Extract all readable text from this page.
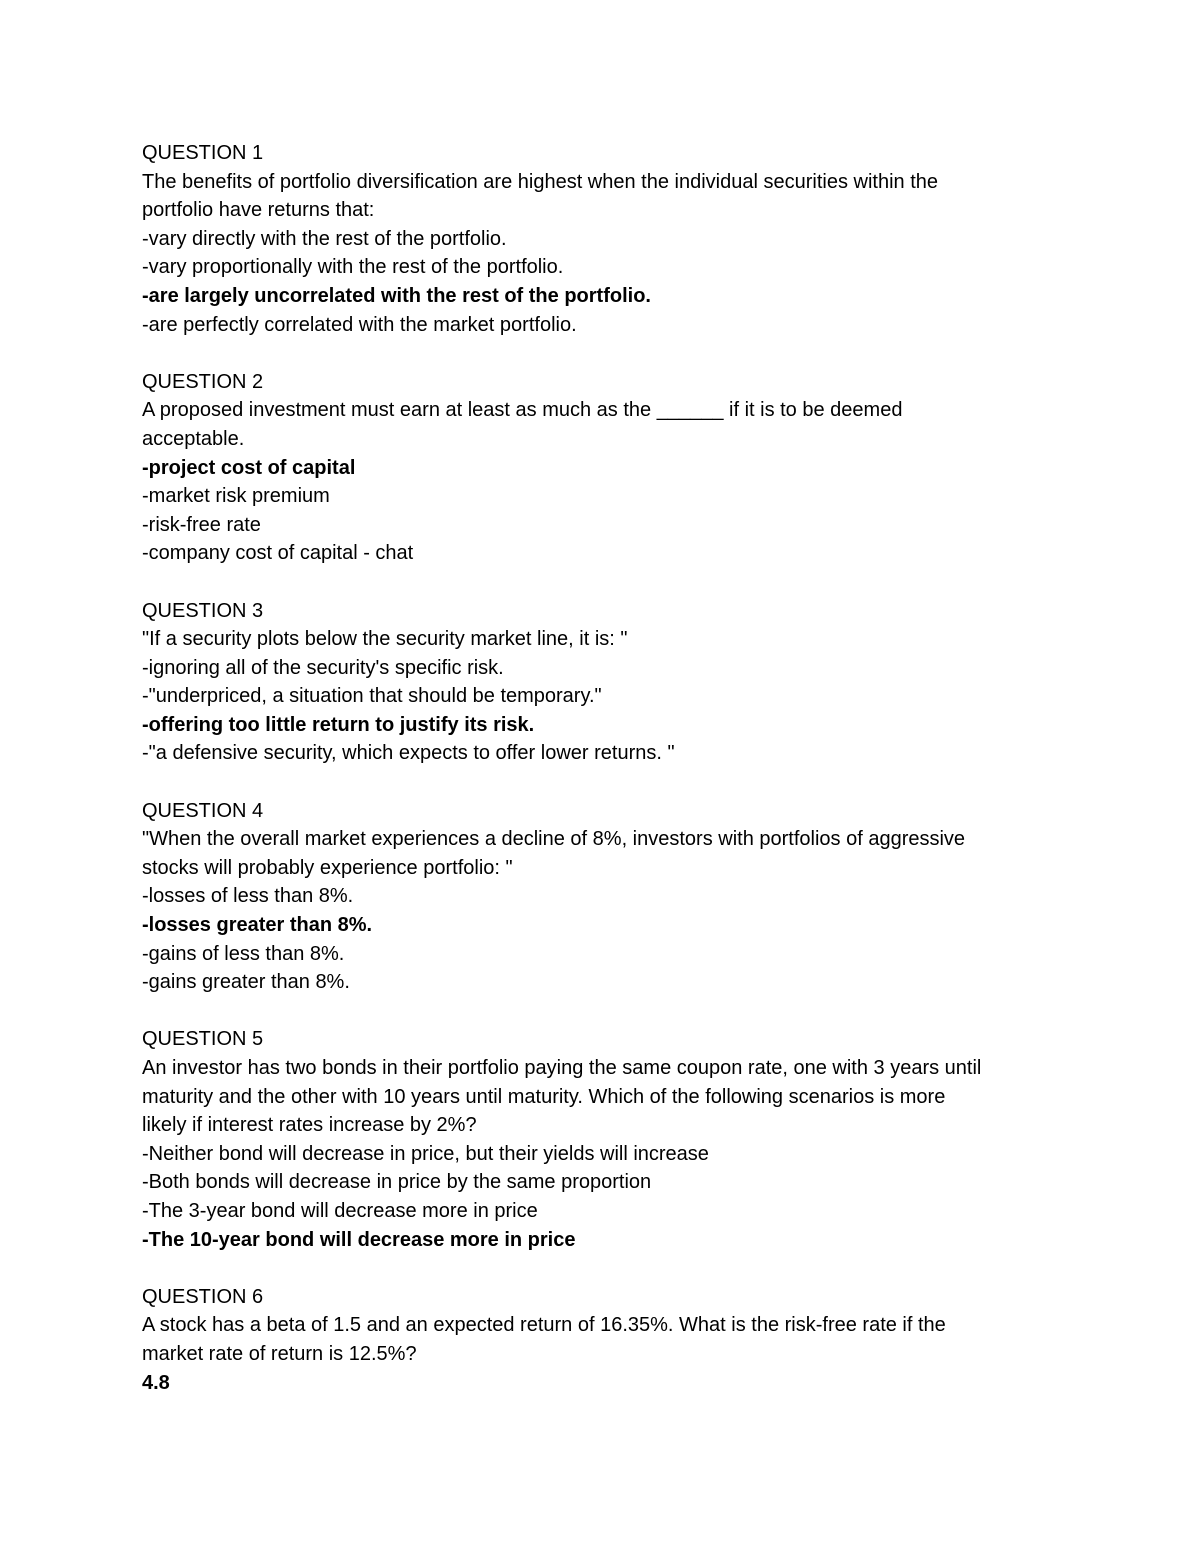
QUESTION 1
The benefits of portfolio diversification are highest when the individual securities within the
portfolio have returns that:
-vary directly with the rest of the portfolio.
-vary proportionally with the rest of the portfolio.
-are largely uncorrelated with the rest of the portfolio.
-are perfectly correlated with the market portfolio.
QUESTION 2
A proposed investment must earn at least as much as the ______ if it is to be deemed
acceptable.
-project cost of capital
-market risk premium
-risk-free rate
-company cost of capital - chat
QUESTION 3
"If a security plots below the security market line, it is: "
-ignoring all of the security's specific risk.
-"underpriced, a situation that should be temporary."
-offering too little return to justify its risk.
-"a defensive security, which expects to offer lower returns. "
QUESTION 4
"When the overall market experiences a decline of 8%, investors with portfolios of aggressive
stocks will probably experience portfolio: "
-losses of less than 8%.
-losses greater than 8%.
-gains of less than 8%.
-gains greater than 8%.
QUESTION 5
An investor has two bonds in their portfolio paying the same coupon rate, one with 3 years until
maturity and the other with 10 years until maturity. Which of the following scenarios is more
likely if interest rates increase by 2%?
-Neither bond will decrease in price, but their yields will increase
-Both bonds will decrease in price by the same proportion
-The 3-year bond will decrease more in price
-The 10-year bond will decrease more in price
QUESTION 6
A stock has a beta of 1.5 and an expected return of 16.35%. What is the risk-free rate if the
market rate of return is 12.5%?
4.8
